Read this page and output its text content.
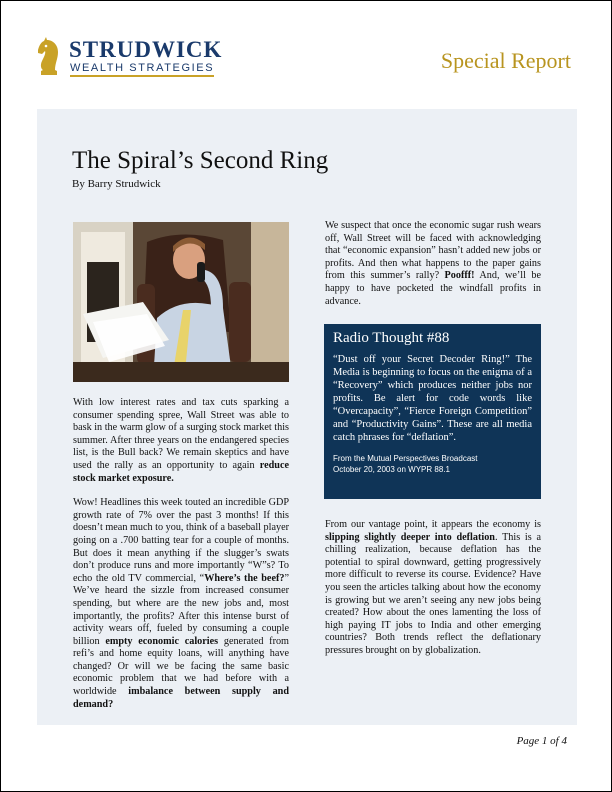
STRUDWICK
WEALTH STRATEGIES	Special Report
The Spiral’s Second Ring
By Barry Strudwick

With low interest rates and tax cuts sparking a consumer spending spree, Wall Street was able to bask in the warm glow of a surging stock market this summer. After three years on the endangered species list, is the Bull back? We remain skeptics and have used the rally as an opportunity to again reduce stock market exposure.

Wow! Headlines this week touted an incredible GDP growth rate of 7% over the past 3 months! If this doesn’t mean much to you, think of a baseball player going on a .700 batting tear for a couple of months. But does it mean anything if the slugger’s swats don’t produce runs and more importantly “W”s? To echo the old TV commercial, “Where’s the beef?” We’ve heard the sizzle from increased consumer spending, but where are the new jobs and, most importantly, the profits? After this intense burst of activity wears off, fueled by consuming a couple billion empty economic calories generated from refi’s and home equity loans, will anything have changed? Or will we be facing the same basic economic problem that we had before with a worldwide imbalance between supply and demand?

We suspect that once the economic sugar rush wears off, Wall Street will be faced with acknowledging that “economic expansion” hasn’t added new jobs or profits. And then what happens to the paper gains from this summer’s rally? Poofff! And, we’ll be happy to have pocketed the windfall profits in advance.

Radio Thought #88
“Dust off your Secret Decoder Ring!” The Media is beginning to focus on the enigma of a “Recovery” which produces neither jobs nor profits. Be alert for code words like “Overcapacity”, “Fierce Foreign Competition” and “Productivity Gains”. These are all media catch phrases for “deflation”.
From the Mutual Perspectives Broadcast
October 20, 2003 on WYPR 88.1

From our vantage point, it appears the economy is slipping slightly deeper into deflation. This is a chilling realization, because deflation has the potential to spiral downward, getting progressively more difficult to reverse its course. Evidence? Have you seen the articles talking about how the economy is growing but we aren’t seeing any new jobs being created? How about the ones lamenting the loss of high paying IT jobs to India and other emerging countries? Both trends reflect the deflationary pressures brought on by globalization.

Page 1 of 4
